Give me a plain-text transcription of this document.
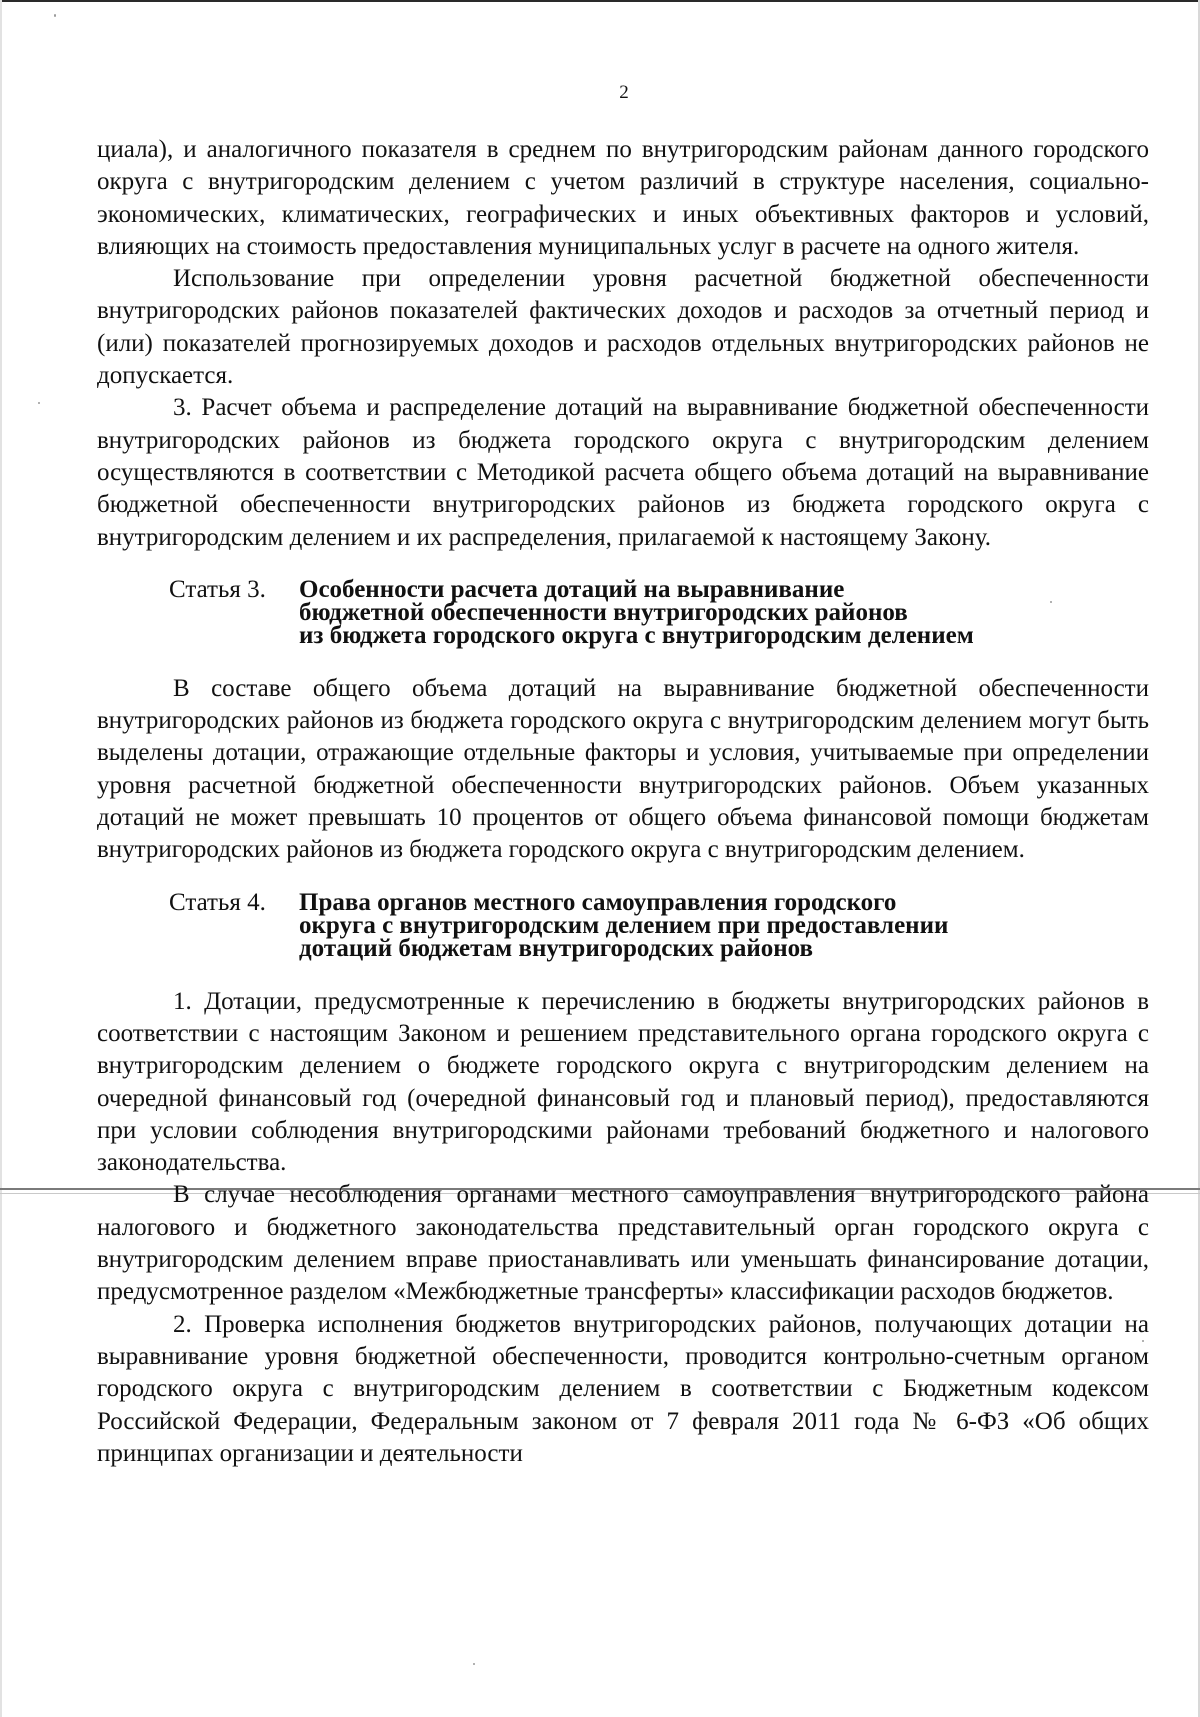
2

циала), и аналогичного показателя в среднем по внутригородским районам данного городского округа с внутригородским делением с учетом различий в структуре населения, социально-экономических, климатических, географических и иных объективных факторов и условий, влияющих на стоимость предоставления муниципальных услуг в расчете на одного жителя.

Использование при определении уровня расчетной бюджетной обеспеченности внутригородских районов показателей фактических доходов и расходов за отчетный период и (или) показателей прогнозируемых доходов и расходов отдельных внутригородских районов не допускается.

3. Расчет объема и распределение дотаций на выравнивание бюджетной обеспеченности внутригородских районов из бюджета городского округа с внутригородским делением осуществляются в соответствии с Методикой расчета общего объема дотаций на выравнивание бюджетной обеспеченности внутригородских районов из бюджета городского округа с внутригородским делением и их распределения, прилагаемой к настоящему Закону.

Статья 3.	Особенности расчета дотаций на выравнивание
бюджетной обеспеченности внутригородских районов
из бюджета городского округа с внутригородским делением

В составе общего объема дотаций на выравнивание бюджетной обеспеченности внутригородских районов из бюджета городского округа с внутригородским делением могут быть выделены дотации, отражающие отдельные факторы и условия, учитываемые при определении уровня расчетной бюджетной обеспеченности внутригородских районов. Объем указанных дотаций не может превышать 10 процентов от общего объема финансовой помощи бюджетам внутригородских районов из бюджета городского округа с внутригородским делением.

Статья 4.	Права органов местного самоуправления городского
округа с внутригородским делением при предоставлении
дотаций бюджетам внутригородских районов

1. Дотации, предусмотренные к перечислению в бюджеты внутригородских районов в соответствии с настоящим Законом и решением представительного органа городского округа с внутригородским делением о бюджете городского округа с внутригородским делением на очередной финансовый год (очередной финансовый год и плановый период), предоставляются при условии соблюдения внутригородскими районами требований бюджетного и налогового законодательства.

В случае несоблюдения органами местного самоуправления внутригородского района налогового и бюджетного законодательства представительный орган городского округа с внутригородским делением вправе приостанавливать или уменьшать финансирование дотации, предусмотренное разделом «Межбюджетные трансферты» классификации расходов бюджетов.

2. Проверка исполнения бюджетов внутригородских районов, получающих дотации на выравнивание уровня бюджетной обеспеченности, проводится контрольно-счетным органом городского округа с внутригородским делением в соответствии с Бюджетным кодексом Российской Федерации, Федеральным законом от 7 февраля 2011 года № 6-ФЗ «Об общих принципах организации и деятельности
